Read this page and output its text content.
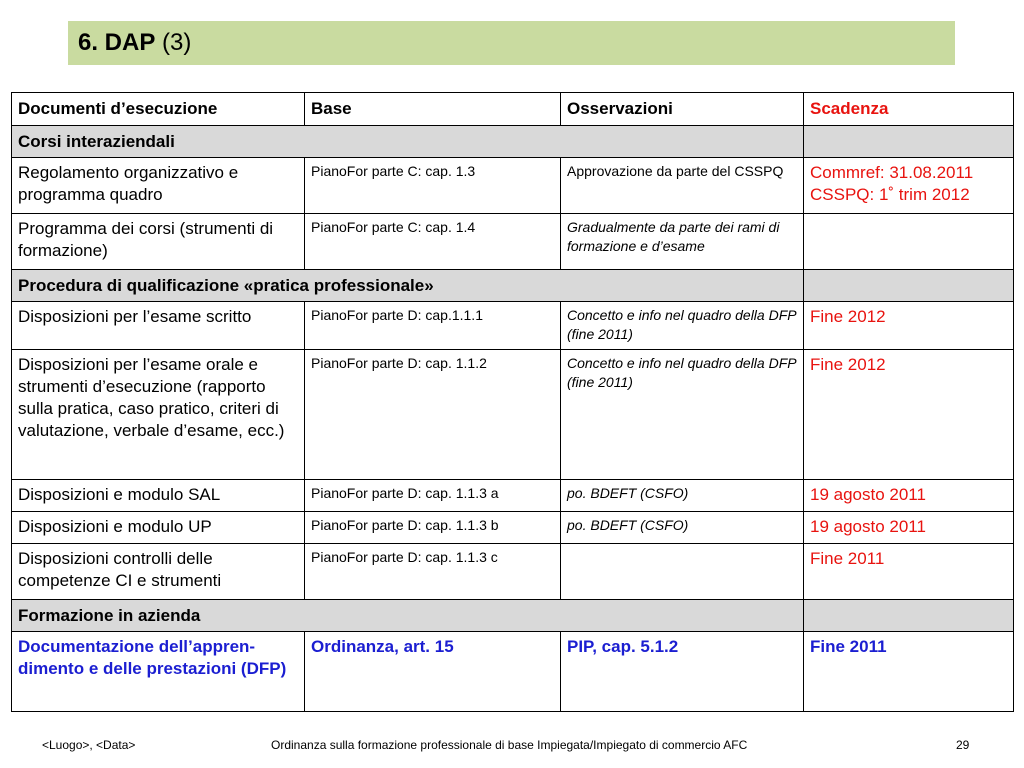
6. DAP
(3)
Documenti d’esecuzione	Base	Osservazioni	Scadenza
Corsi interaziendali			
Regolamento organizzativo e programma quadro	PianoFor parte C: cap. 1.3	Approvazione da parte del CSSPQ	Commref: 31.08.2011 CSSPQ: 1˚ trim 2012
Programma dei corsi (strumenti di formazione)	PianoFor parte C: cap. 1.4	Gradualmente da parte dei rami di formazione e d’esame	
Procedura di qualificazione «pratica professionale»			
Disposizioni per l’esame scritto	PianoFor parte D: cap.1.1.1	Concetto e info nel quadro della DFP (fine 2011)	Fine 2012
Disposizioni per l’esame orale e strumenti d’esecuzione (rapporto sulla pratica, caso pratico, criteri di valutazione, verbale d’esame, ecc.)	PianoFor parte D: cap. 1.1.2	Concetto e info nel quadro della DFP (fine 2011)	Fine 2012
Disposizioni e modulo SAL	PianoFor parte D: cap. 1.1.3 a	po. BDEFT (CSFO)	19 agosto 2011
Disposizioni e modulo UP	PianoFor parte D: cap. 1.1.3 b	po. BDEFT (CSFO)	19 agosto 2011
Disposizioni controlli delle competenze CI e strumenti	PianoFor parte D: cap. 1.1.3 c		Fine 2011
Formazione in azienda			
Documentazione dell’appren-dimento e delle prestazioni (DFP)	Ordinanza, art. 15	PIP, cap. 5.1.2	Fine 2011
<Luogo>, <Data>	Ordinanza sulla formazione professionale di base Impiegata/Impiegato di commercio AFC	29
